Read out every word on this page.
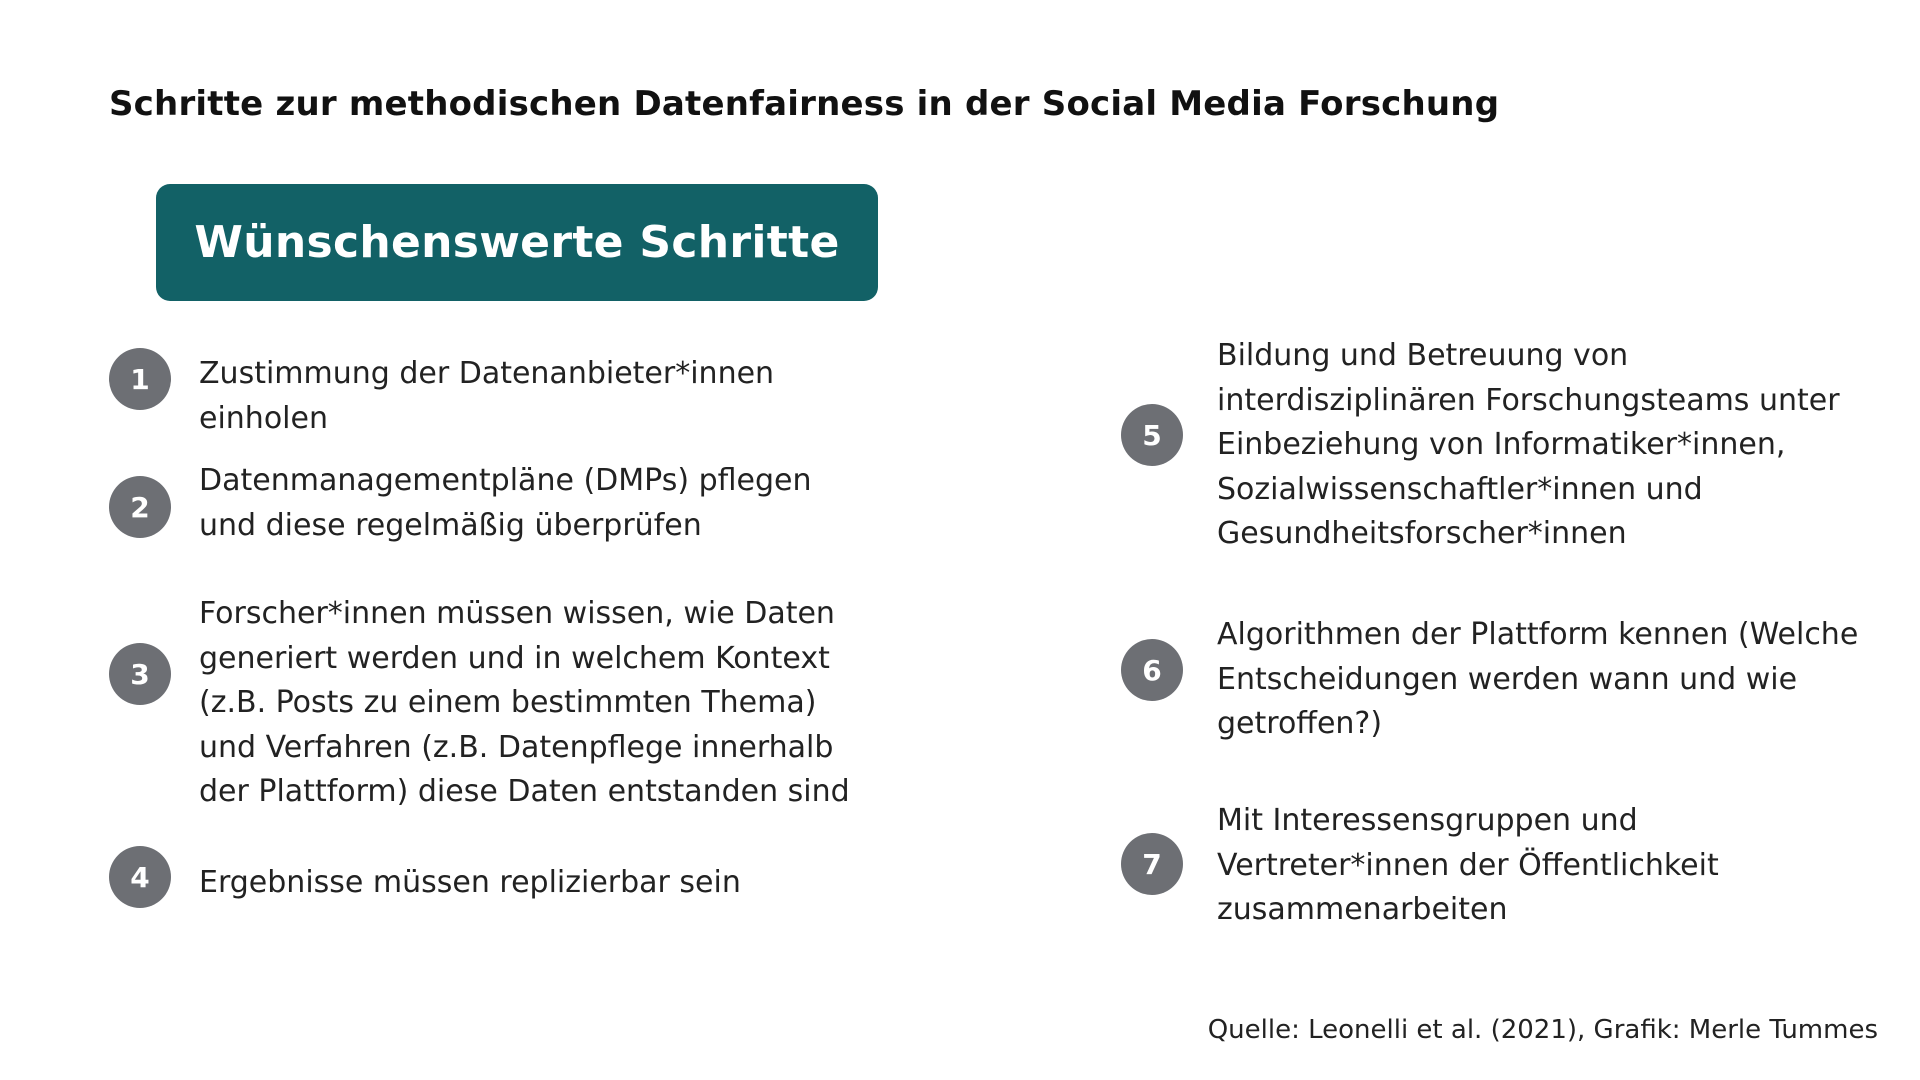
Schritte zur methodischen Datenfairness in der Social Media Forschung
Wünschenswerte Schritte
1	Zustimmung der Datenanbieter*innen einholen

2

Datenmanagementpläne (DMPs) pflegen und diese regelmäßig überprüfen

3

Forscher*innen müssen wissen, wie Daten generiert werden und in welchem Kontext (z.B. Posts zu einem bestimmten Thema) und Verfahren (z.B. Datenpflege innerhalb der Plattform) diese Daten entstanden sind

4	Ergebnisse müssen replizierbar sein

5

Bildung und Betreuung von interdisziplinären Forschungsteams unter Einbeziehung von Informatiker*innen, Sozialwissenschaftler*innen und Gesundheitsforscher*innen

6

Algorithmen der Plattform kennen (Welche Entscheidungen werden wann und wie getroffen?)

7

Mit Interessensgruppen und Vertreter*innen der Öffentlichkeit zusammenarbeiten

Quelle: Leonelli et al. (2021), Grafik: Merle Tummes
